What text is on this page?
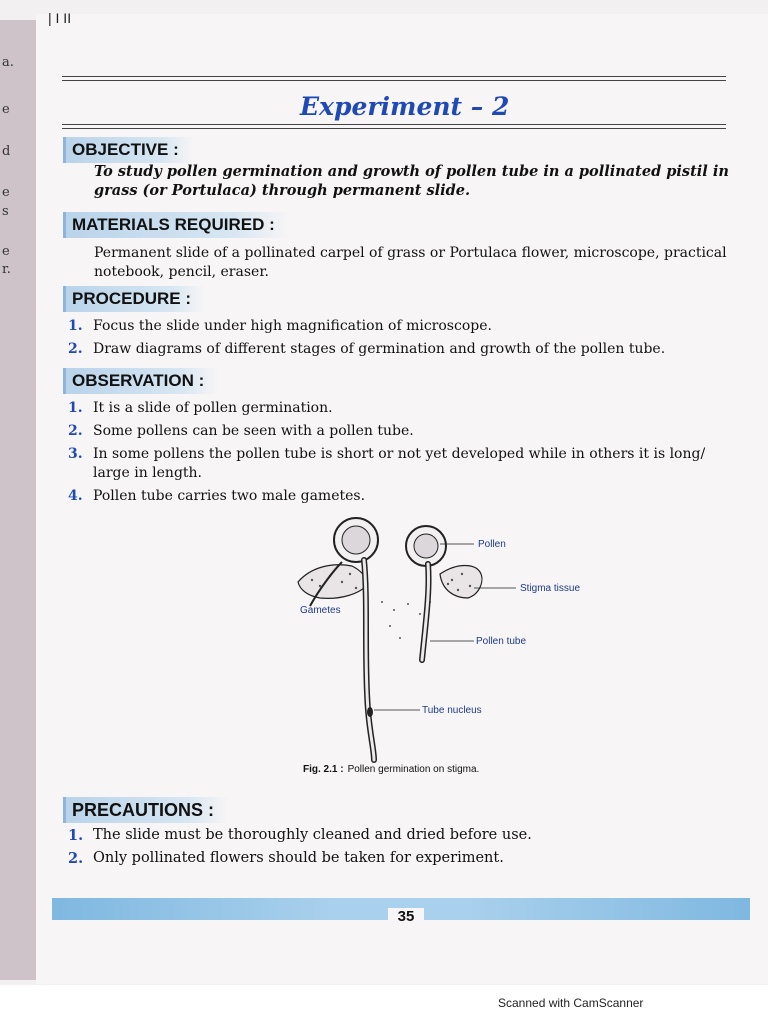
a.
e
d
e
s
e
r.
| I II
Experiment – 2
OBJECTIVE :
To study pollen germination and growth of pollen tube in a pollinated pistil in grass (or Portulaca) through permanent slide.
MATERIALS REQUIRED :
Permanent slide of a pollinated carpel of grass or Portulaca flower, microscope, practical notebook, pencil, eraser.
PROCEDURE :
1. Focus the slide under high magnification of microscope.
2. Draw diagrams of different stages of germination and growth of the pollen tube.
OBSERVATION :
1. It is a slide of pollen germination.
2. Some pollens can be seen with a pollen tube.
3. In some pollens the pollen tube is short or not yet developed while in others it is long/ large in length.
4. Pollen tube carries two male gametes.
Pollen
Stigma tissue
Gametes
Pollen tube
Tube nucleus
Fig. 2.1 : Pollen germination on stigma.
PRECAUTIONS :
1. The slide must be thoroughly cleaned and dried before use.
2. Only pollinated flowers should be taken for experiment.
35
Scanned with CamScanner
